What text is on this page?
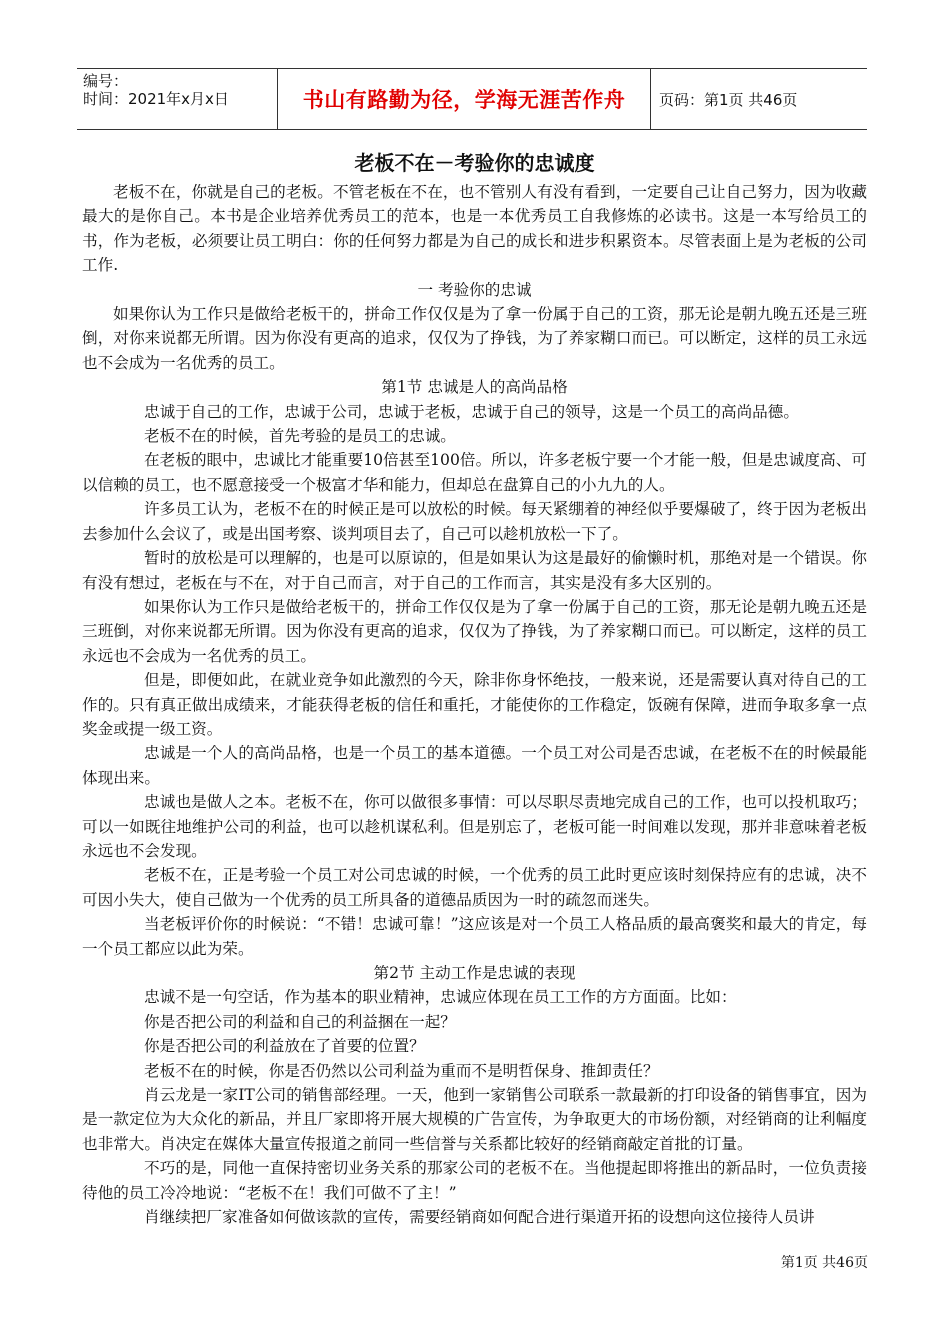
编号：
时间：2021年x月x日	书山有路勤为径，学海无涯苦作舟 页码：第1页 共46页
老板不在－考验你的忠诚度
老板不在，你就是自己的老板。不管老板在不在，也不管别人有没有看到，一定要自己让自己努力，因为收藏最大的是你自己。本书是企业培养优秀员工的范本，也是一本优秀员工自我修炼的必读书。这是一本写给员工的书，作为老板，必须要让员工明白：你的任何努力都是为自己的成长和进步积累资本。尽管表面上是为老板的公司工作.
一 考验你的忠诚
如果你认为工作只是做给老板干的，拼命工作仅仅是为了拿一份属于自己的工资，那无论是朝九晚五还是三班倒，对你来说都无所谓。因为你没有更高的追求，仅仅为了挣钱，为了养家糊口而已。可以断定，这样的员工永远也不会成为一名优秀的员工。
第1节 忠诚是人的高尚品格
忠诚于自己的工作，忠诚于公司，忠诚于老板，忠诚于自己的领导，这是一个员工的高尚品德。
老板不在的时候，首先考验的是员工的忠诚。
在老板的眼中，忠诚比才能重要10倍甚至100倍。所以，许多老板宁要一个才能一般，但是忠诚度高、可以信赖的员工，也不愿意接受一个极富才华和能力，但却总在盘算自己的小九九的人。
许多员工认为，老板不在的时候正是可以放松的时候。每天紧绷着的神经似乎要爆破了，终于因为老板出去参加什么会议了，或是出国考察、谈判项目去了，自己可以趁机放松一下了。
暂时的放松是可以理解的，也是可以原谅的，但是如果认为这是最好的偷懒时机，那绝对是一个错误。你有没有想过，老板在与不在，对于自己而言，对于自己的工作而言，其实是没有多大区别的。
如果你认为工作只是做给老板干的，拼命工作仅仅是为了拿一份属于自己的工资，那无论是朝九晚五还是三班倒，对你来说都无所谓。因为你没有更高的追求，仅仅为了挣钱，为了养家糊口而已。可以断定，这样的员工永远也不会成为一名优秀的员工。
但是，即便如此，在就业竞争如此激烈的今天，除非你身怀绝技，一般来说，还是需要认真对待自己的工作的。只有真正做出成绩来，才能获得老板的信任和重托，才能使你的工作稳定，饭碗有保障，进而争取多拿一点奖金或提一级工资。
忠诚是一个人的高尚品格，也是一个员工的基本道德。一个员工对公司是否忠诚，在老板不在的时候最能体现出来。
忠诚也是做人之本。老板不在，你可以做很多事情：可以尽职尽责地完成自己的工作，也可以投机取巧；可以一如既往地维护公司的利益，也可以趁机谋私利。但是别忘了，老板可能一时间难以发现，那并非意味着老板永远也不会发现。
老板不在，正是考验一个员工对公司忠诚的时候，一个优秀的员工此时更应该时刻保持应有的忠诚，决不可因小失大，使自己做为一个优秀的员工所具备的道德品质因为一时的疏忽而迷失。
当老板评价你的时候说：“不错！忠诚可靠！”这应该是对一个员工人格品质的最高褒奖和最大的肯定，每一个员工都应以此为荣。
第2节 主动工作是忠诚的表现
忠诚不是一句空话，作为基本的职业精神，忠诚应体现在员工工作的方方面面。比如：
你是否把公司的利益和自己的利益捆在一起？
你是否把公司的利益放在了首要的位置？
老板不在的时候，你是否仍然以公司利益为重而不是明哲保身、推卸责任？
肖云龙是一家IT公司的销售部经理。一天，他到一家销售公司联系一款最新的打印设备的销售事宜，因为是一款定位为大众化的新品，并且厂家即将开展大规模的广告宣传，为争取更大的市场份额，对经销商的让利幅度也非常大。肖决定在媒体大量宣传报道之前同一些信誉与关系都比较好的经销商敲定首批的订量。
不巧的是，同他一直保持密切业务关系的那家公司的老板不在。当他提起即将推出的新品时，一位负责接待他的员工冷冷地说：“老板不在！我们可做不了主！”
肖继续把厂家准备如何做该款的宣传，需要经销商如何配合进行渠道开拓的设想向这位接待人员讲
第1页 共46页
